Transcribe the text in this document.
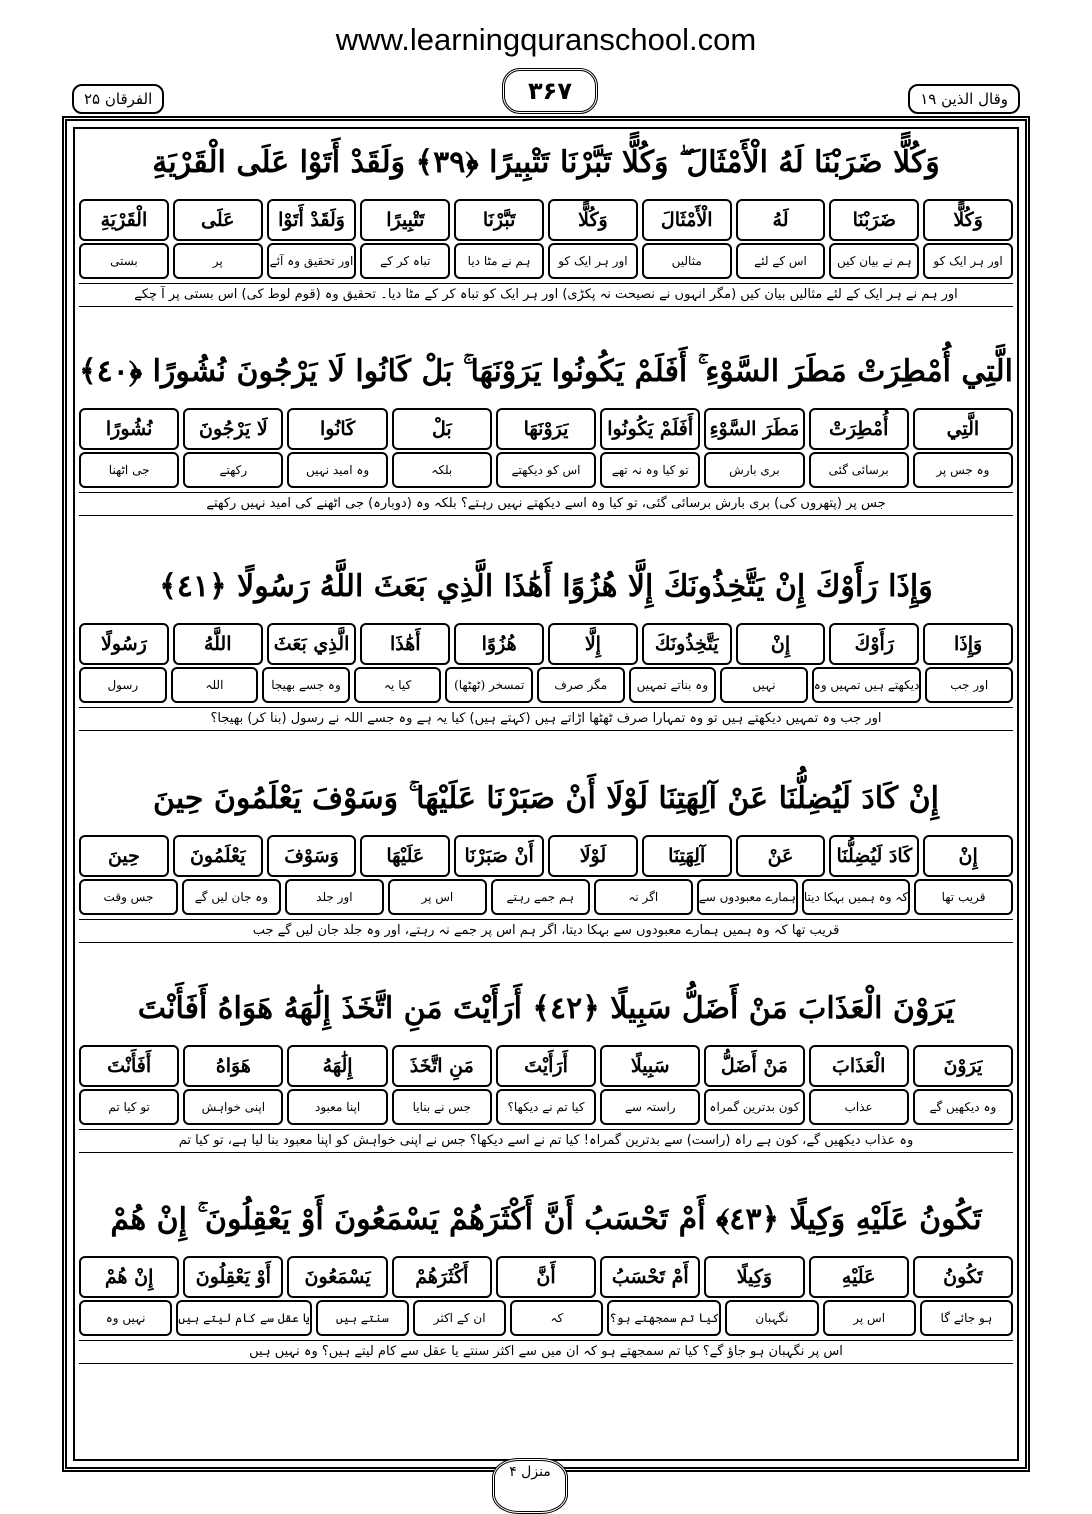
www.learningquranschool.com
وقال الذين ۱۹
۳۶۷
الفرقان ۲۵
وَكُلًّا ضَرَبْنَا لَهُ الْأَمْثَالَ ۖ وَكُلًّا تَبَّرْنَا تَتْبِيرًا ﴿٣٩﴾ وَلَقَدْ أَتَوْا عَلَى الْقَرْيَةِ
وَكُلًّا
ضَرَبْنَا
لَهُ
الْأَمْثَالَ
وَكُلًّا
تَبَّرْنَا
تَتْبِيرًا
وَلَقَدْ أَتَوْا
عَلَى
الْقَرْيَةِ
اور ہر ایک کو
ہم نے بیان کیں
اس کے لئے
مثالیں
اور ہر ایک کو
ہم نے مٹا دیا
تباہ کر کے
اور تحقیق وہ آئے
پر
بستی
اور ہم نے ہر ایک کے لئے مثالیں بیان کیں (مگر انہوں نے نصیحت نہ پکڑی) اور ہر ایک کو تباہ کر کے مٹا دیا۔ تحقیق وہ (قوم لوط کی) اس بستی پر آ چکے
الَّتِي أُمْطِرَتْ مَطَرَ السَّوْءِ ۚ أَفَلَمْ يَكُونُوا يَرَوْنَهَا ۚ بَلْ كَانُوا لَا يَرْجُونَ نُشُورًا ﴿٤٠﴾
الَّتِي
أُمْطِرَتْ
مَطَرَ السَّوْءِ
أَفَلَمْ يَكُونُوا
يَرَوْنَهَا
بَلْ
كَانُوا
لَا يَرْجُونَ
نُشُورًا
وہ جس پر
برسائی گئی
بری بارش
تو کیا وہ نہ تھے
اس کو دیکھتے
بلکہ
وہ امید نہیں
رکھتے
جی اٹھنا
جس پر (پتھروں کی) بری بارش برسائی گئی، تو کیا وہ اسے دیکھتے نہیں رہتے؟ بلکہ وہ (دوبارہ) جی اٹھنے کی امید نہیں رکھتے
وَإِذَا رَأَوْكَ إِنْ يَتَّخِذُونَكَ إِلَّا هُزُوًا أَهَٰذَا الَّذِي بَعَثَ اللَّهُ رَسُولًا ﴿٤١﴾
وَإِذَا
رَأَوْكَ
إِنْ
يَتَّخِذُونَكَ
إِلَّا
هُزُوًا
أَهَٰذَا
الَّذِي بَعَثَ
اللَّهُ
رَسُولًا
اور جب
دیکھتے ہیں تمہیں وہ
نہیں
وہ بناتے تمہیں
مگر صرف
تمسخر (ٹھٹھا)
کیا یہ
وہ جسے بھیجا
اللہ
رسول
اور جب وہ تمہیں دیکھتے ہیں تو وہ تمہارا صرف ٹھٹھا اڑاتے ہیں (کہتے ہیں) کیا یہ ہے وہ جسے اللہ نے رسول (بنا کر) بھیجا؟
إِنْ كَادَ لَيُضِلُّنَا عَنْ آلِهَتِنَا لَوْلَا أَنْ صَبَرْنَا عَلَيْهَا ۚ وَسَوْفَ يَعْلَمُونَ حِينَ
إِنْ
كَادَ لَيُضِلُّنَا
عَنْ
آلِهَتِنَا
لَوْلَا
أَنْ صَبَرْنَا
عَلَيْهَا
وَسَوْفَ
يَعْلَمُونَ
حِينَ
قریب تھا
کہ وہ ہمیں بہکا دیتا
ہمارے معبودوں سے
اگر نہ
ہم جمے رہتے
اس پر
اور جلد
وہ جان لیں گے
جس وقت
قریب تھا کہ وہ ہمیں ہمارے معبودوں سے بہکا دیتا، اگر ہم اس پر جمے نہ رہتے، اور وہ جلد جان لیں گے جب
يَرَوْنَ الْعَذَابَ مَنْ أَضَلُّ سَبِيلًا ﴿٤٢﴾ أَرَأَيْتَ مَنِ اتَّخَذَ إِلَٰهَهُ هَوَاهُ أَفَأَنْتَ
يَرَوْنَ
الْعَذَابَ
مَنْ أَضَلُّ
سَبِيلًا
أَرَأَيْتَ
مَنِ اتَّخَذَ
إِلَٰهَهُ
هَوَاهُ
أَفَأَنْتَ
وہ دیکھیں گے
عذاب
کون بدترین گمراہ
راستہ سے
کیا تم نے دیکھا؟
جس نے بنایا
اپنا معبود
اپنی خواہش
تو کیا تم
وہ عذاب دیکھیں گے، کون ہے راہ (راست) سے بدترین گمراہ! کیا تم نے اسے دیکھا؟ جس نے اپنی خواہش کو اپنا معبود بنا لیا ہے، تو کیا تم
تَكُونُ عَلَيْهِ وَكِيلًا ﴿٤٣﴾ أَمْ تَحْسَبُ أَنَّ أَكْثَرَهُمْ يَسْمَعُونَ أَوْ يَعْقِلُونَ ۚ إِنْ هُمْ
تَكُونُ
عَلَيْهِ
وَكِيلًا
أَمْ تَحْسَبُ
أَنَّ
أَكْثَرَهُمْ
يَسْمَعُونَ
أَوْ يَعْقِلُونَ
إِنْ هُمْ
ہو جائے گا
اس پر
نگہبان
کیا تم سمجھتے ہو؟
کہ
ان کے اکثر
سنتے ہیں
یا عقل سے کام لیتے ہیں
نہیں وہ
اس پر نگہبان ہو جاؤ گے؟ کیا تم سمجھتے ہو کہ ان میں سے اکثر سنتے یا عقل سے کام لیتے ہیں؟ وہ نہیں ہیں
منزل ۴
